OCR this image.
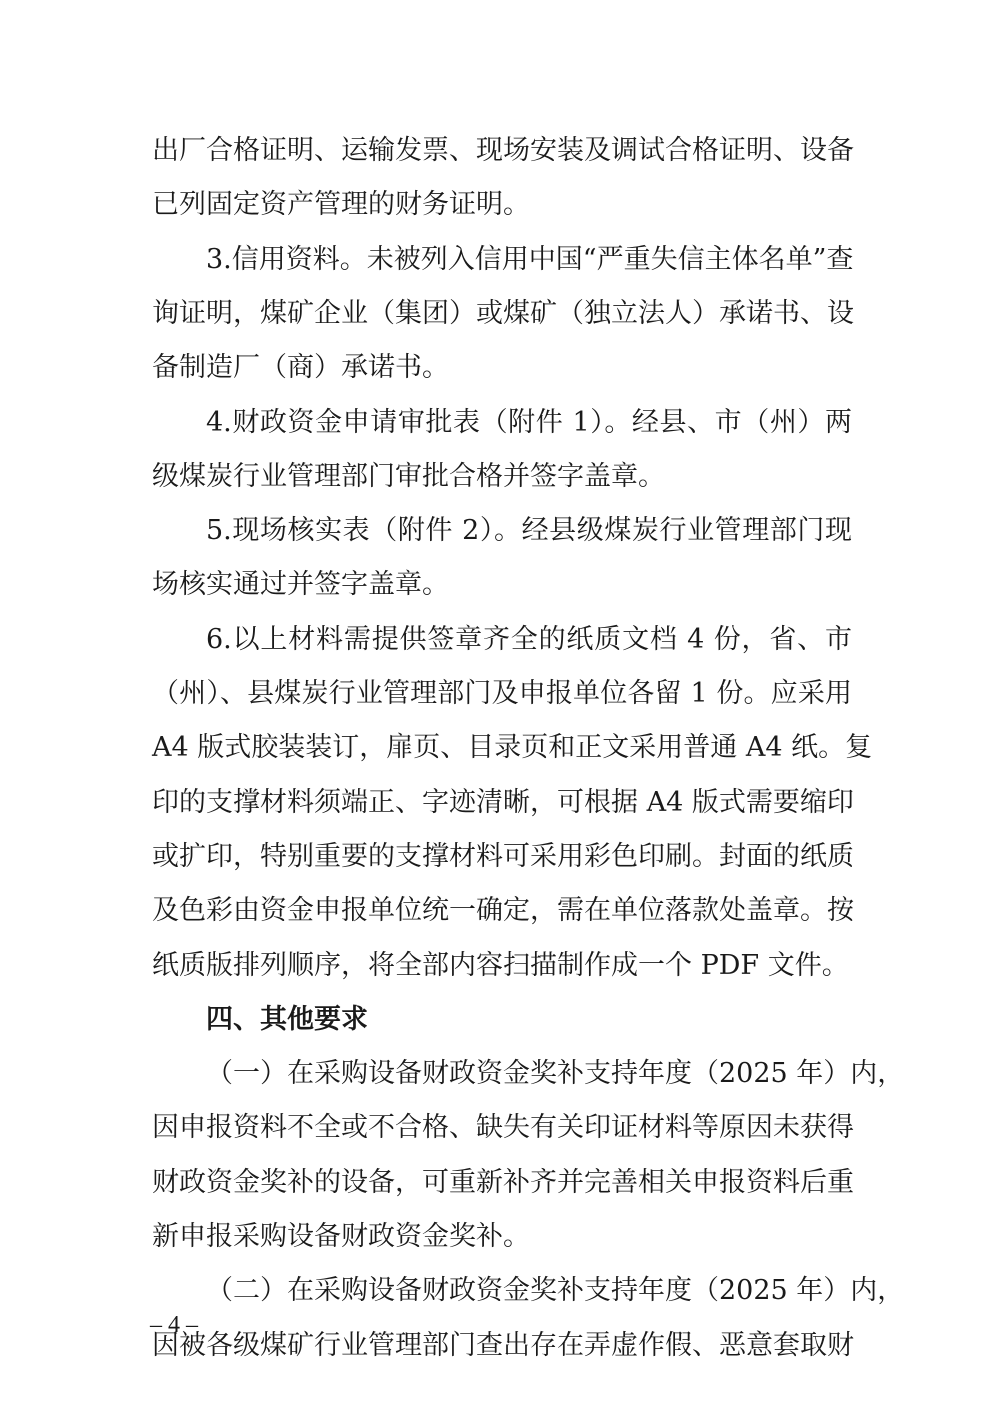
出厂合格证明、运输发票、现场安装及调试合格证明、设备
已列固定资产管理的财务证明。
3.信用资料。未被列入信用中国“严重失信主体名单”查
询证明，煤矿企业（集团）或煤矿（独立法人）承诺书、设
备制造厂（商）承诺书。
4.财政资金申请审批表（附件 1）。经县、市（州）两
级煤炭行业管理部门审批合格并签字盖章。
5.现场核实表（附件 2）。经县级煤炭行业管理部门现
场核实通过并签字盖章。
6.以上材料需提供签章齐全的纸质文档 4 份，省、市
（州）、县煤炭行业管理部门及申报单位各留 1 份。应采用
A4 版式胶装装订，扉页、目录页和正文采用普通 A4 纸。复
印的支撑材料须端正、字迹清晰，可根据 A4 版式需要缩印
或扩印，特别重要的支撑材料可采用彩色印刷。封面的纸质
及色彩由资金申报单位统一确定，需在单位落款处盖章。按
纸质版排列顺序，将全部内容扫描制作成一个 PDF 文件。
四、其他要求
（一）在采购设备财政资金奖补支持年度（2025 年）内，
因申报资料不全或不合格、缺失有关印证材料等原因未获得
财政资金奖补的设备，可重新补齐并完善相关申报资料后重
新申报采购设备财政资金奖补。
（二）在采购设备财政资金奖补支持年度（2025 年）内，
因被各级煤矿行业管理部门查出存在弄虚作假、恶意套取财
– 4 –
